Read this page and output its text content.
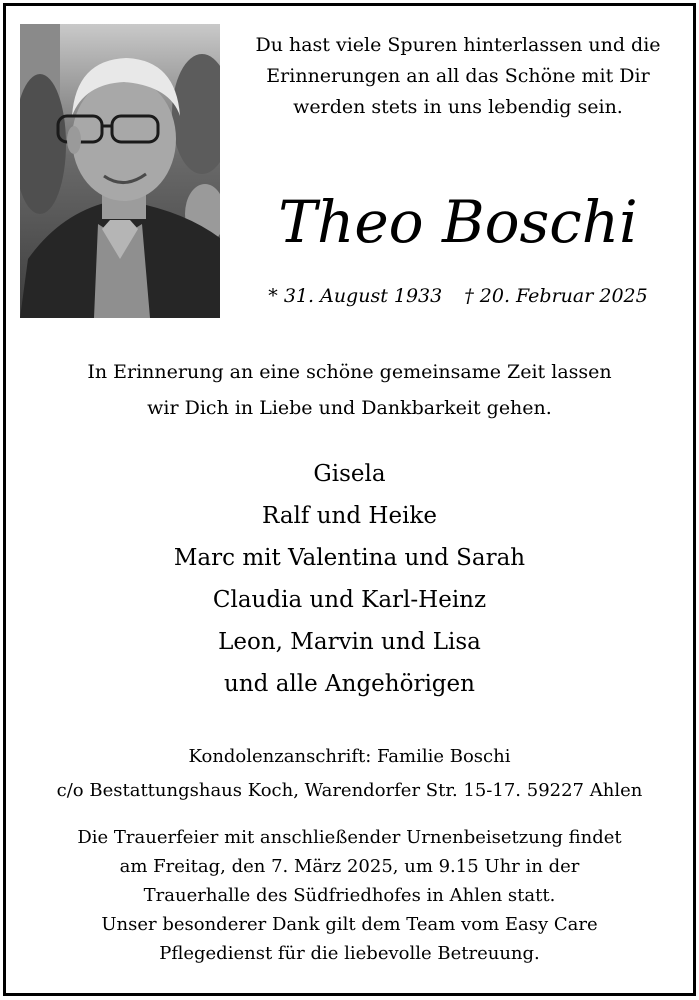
Du hast viele Spuren hinterlassen und die
Erinnerungen an all das Schöne mit Dir
werden stets in uns lebendig sein.
Theo Boschi
* 31. August 1933 † 20. Februar 2025
In Erinnerung an eine schöne gemeinsame Zeit lassen
wir Dich in Liebe und Dankbarkeit gehen.
Gisela
Ralf und Heike
Marc mit Valentina und Sarah
Claudia und Karl-Heinz
Leon, Marvin und Lisa
und alle Angehörigen
Kondolenzanschrift: Familie Boschi
c/o Bestattungshaus Koch, Warendorfer Str. 15-17. 59227 Ahlen
Die Trauerfeier mit anschließender Urnenbeisetzung findet
am Freitag, den 7. März 2025, um 9.15 Uhr in der
Trauerhalle des Südfriedhofes in Ahlen statt.
Unser besonderer Dank gilt dem Team vom Easy Care
Pflegedienst für die liebevolle Betreuung.
